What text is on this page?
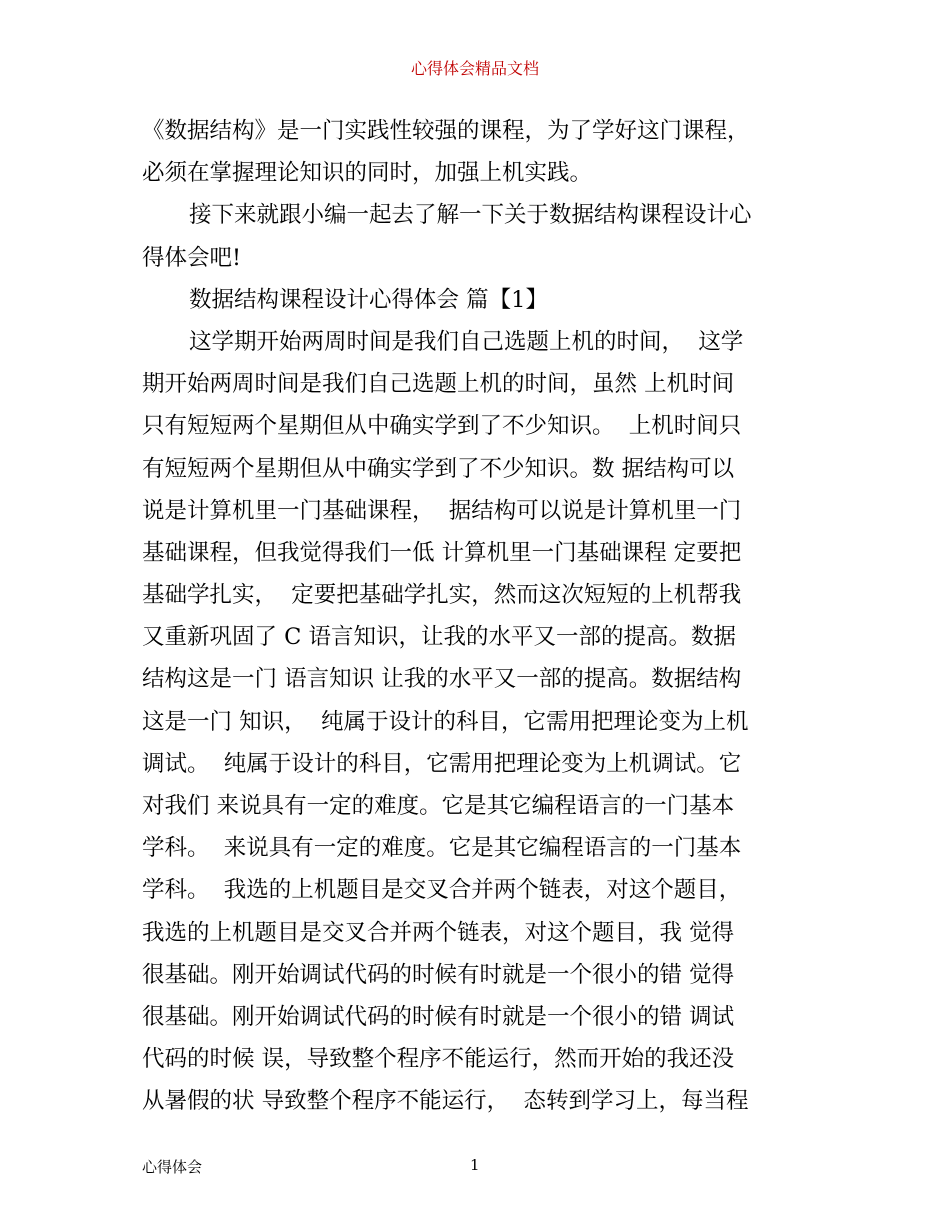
心得体会精品文档
《数据结构》是一门实践性较强的课程，为了学好这门课程，
必须在掌握理论知识的同时，加强上机实践。
接下来就跟小编一起去了解一下关于数据结构课程设计心
得体会吧!
数据结构课程设计心得体会 篇【1】
这学期开始两周时间是我们自己选题上机的时间，  这学
期开始两周时间是我们自己选题上机的时间，虽然 上机时间
只有短短两个星期但从中确实学到了不少知识。  上机时间只
有短短两个星期但从中确实学到了不少知识。数 据结构可以
说是计算机里一门基础课程，  据结构可以说是计算机里一门
基础课程，但我觉得我们一低 计算机里一门基础课程 定要把
基础学扎实，  定要把基础学扎实，然而这次短短的上机帮我
又重新巩固了 C 语言知识，让我的水平又一部的提高。数据
结构这是一门 语言知识 让我的水平又一部的提高。数据结构
这是一门 知识，  纯属于设计的科目，它需用把理论变为上机
调试。  纯属于设计的科目，它需用把理论变为上机调试。它
对我们 来说具有一定的难度。它是其它编程语言的一门基本
学科。  来说具有一定的难度。它是其它编程语言的一门基本
学科。  我选的上机题目是交叉合并两个链表，对这个题目，
我选的上机题目是交叉合并两个链表，对这个题目，我 觉得
很基础。刚开始调试代码的时候有时就是一个很小的错 觉得
很基础。刚开始调试代码的时候有时就是一个很小的错 调试
代码的时候 误，导致整个程序不能运行，然而开始的我还没
从暑假的状 导致整个程序不能运行，  态转到学习上，每当程
心得体会	1
